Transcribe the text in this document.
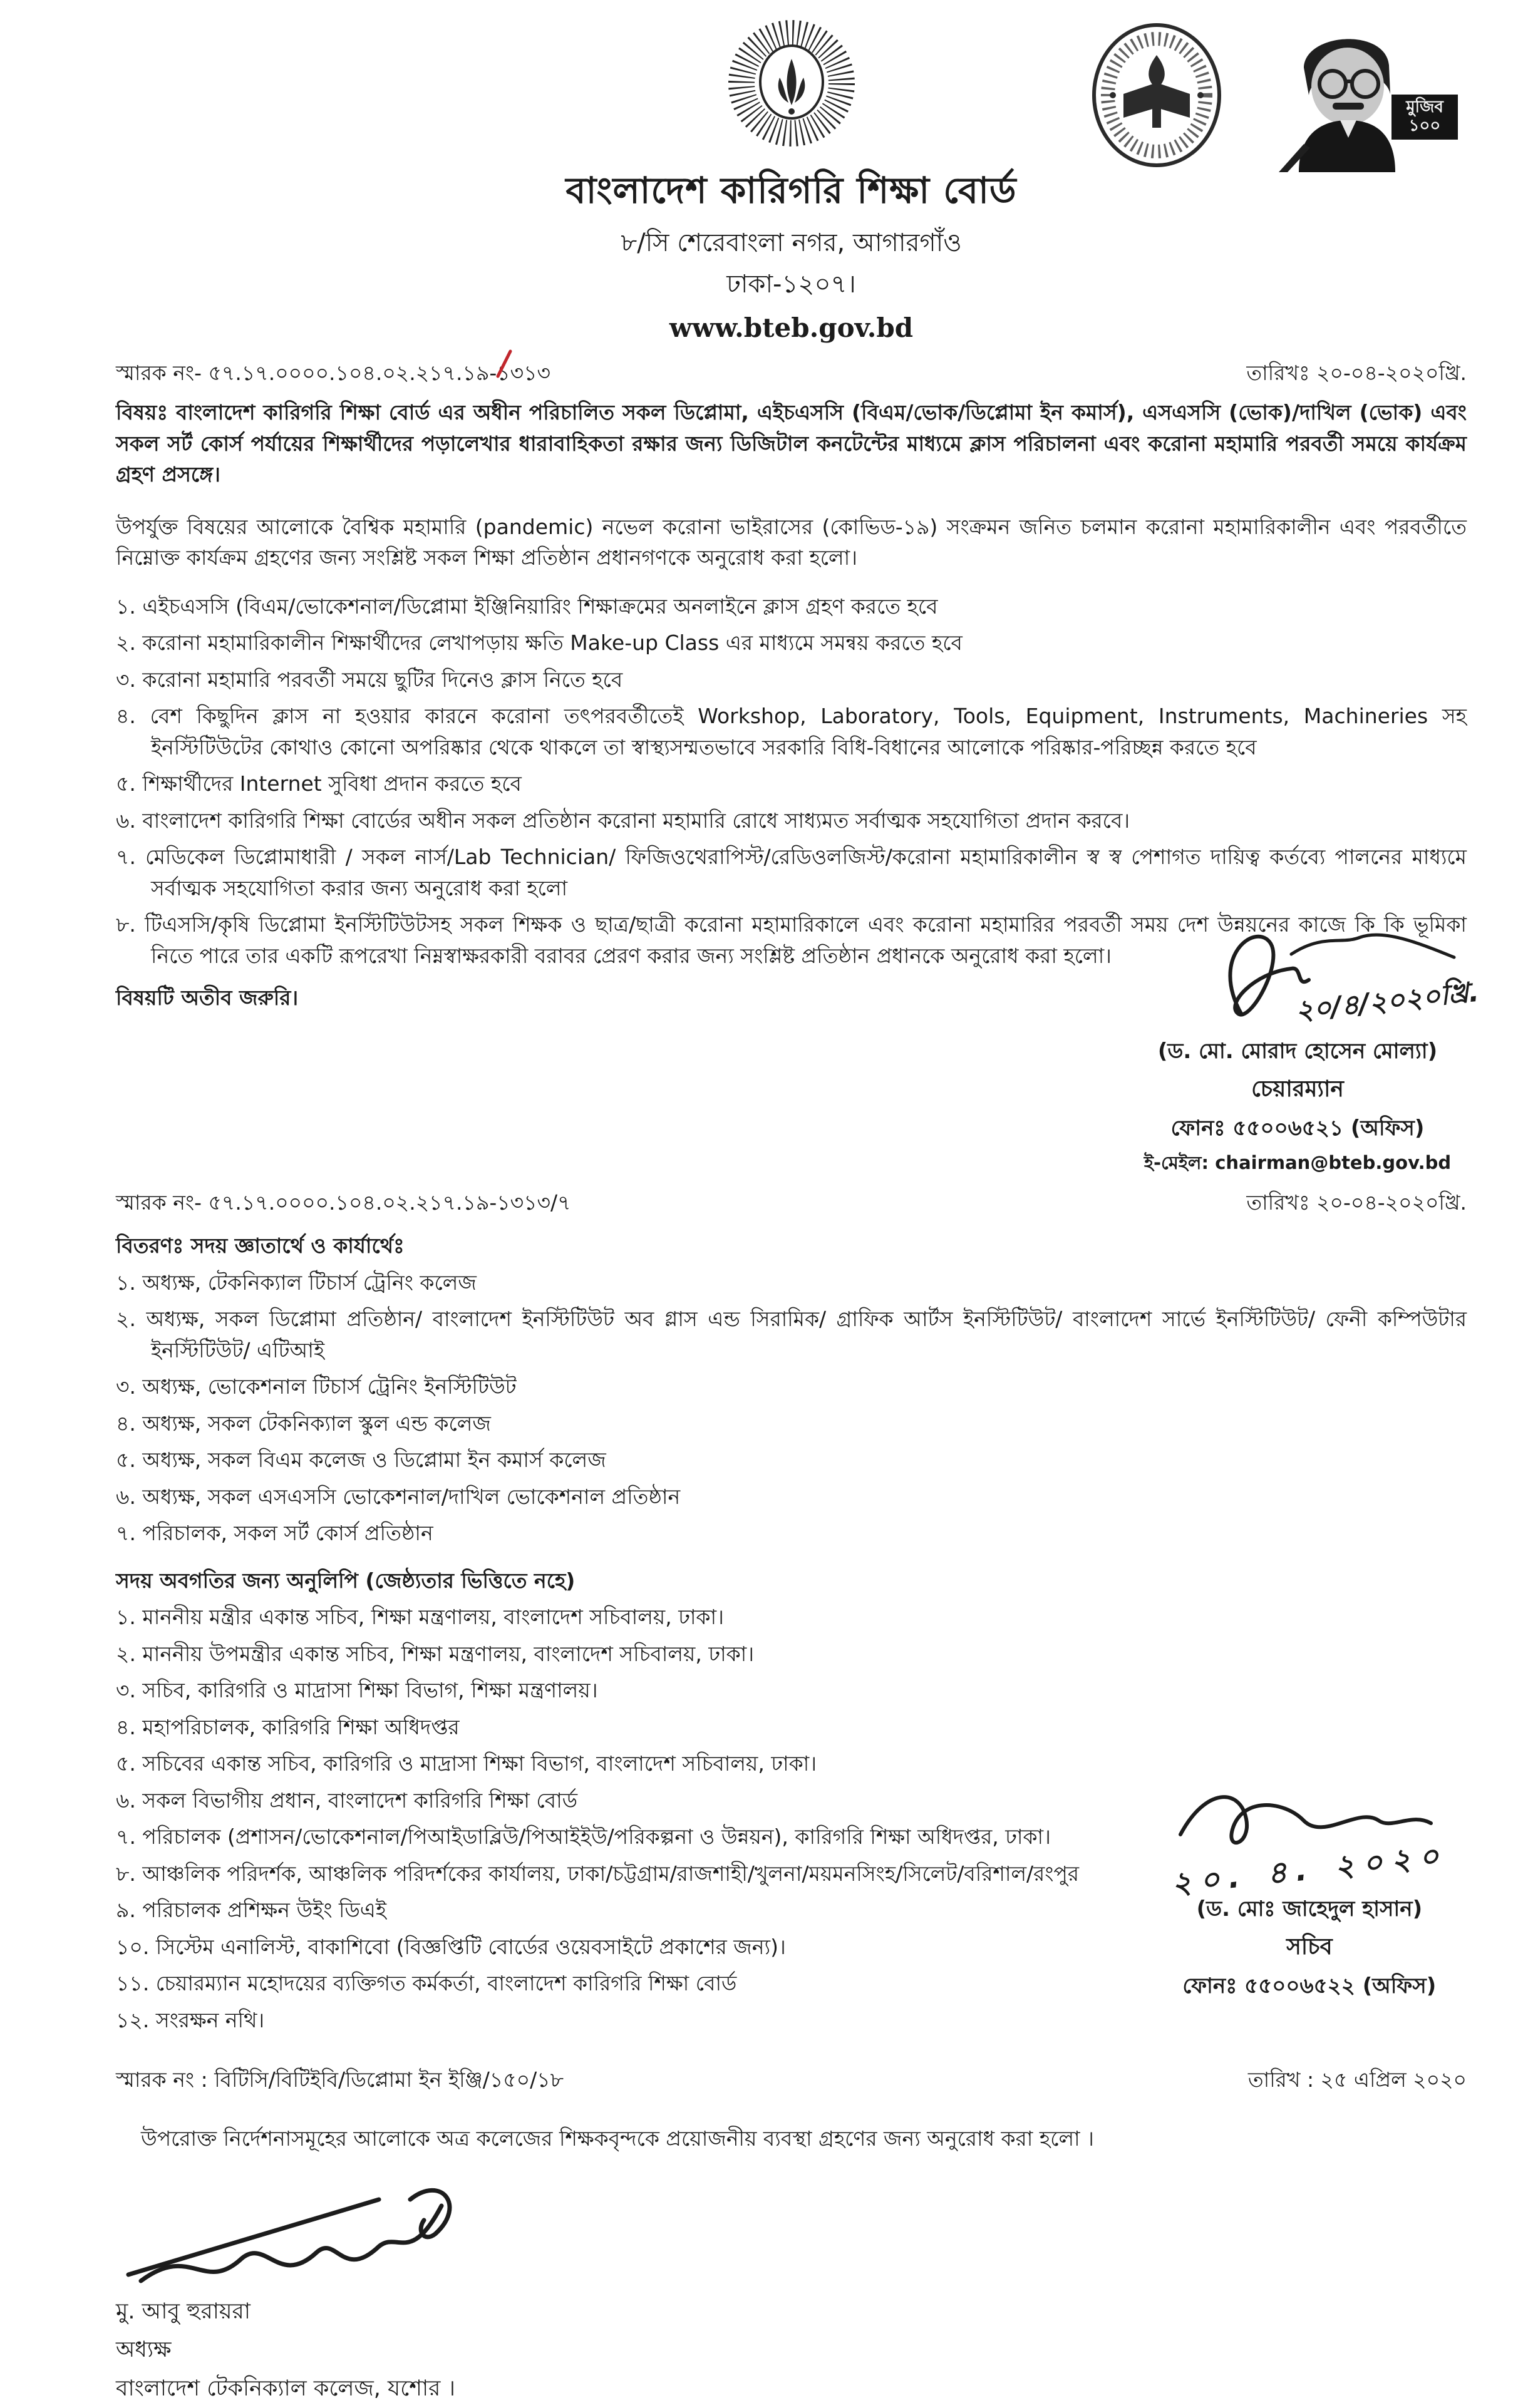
বাংলাদেশ কারিগরি শিক্ষা বোর্ড
৮/সি শেরেবাংলা নগর, আগারগাঁও
ঢাকা-১২০৭।
www.bteb.gov.bd
মুজিব ১০০
স্মারক নং- ৫৭.১৭.০০০০.১০৪.০২.২১৭.১৯-১৩১৩	তারিখঃ ২০-০৪-২০২০খ্রি.
বিষয়ঃ বাংলাদেশ কারিগরি শিক্ষা বোর্ড এর অধীন পরিচালিত সকল ডিপ্লোমা, এইচএসসি (বিএম/ভোক/ডিপ্লোমা ইন কমার্স), এসএসসি (ভোক)/দাখিল (ভোক) এবং সকল সর্ট কোর্স পর্যায়ের শিক্ষার্থীদের পড়ালেখার ধারাবাহিকতা রক্ষার জন্য ডিজিটাল কনটেন্টের মাধ্যমে ক্লাস পরিচালনা এবং করোনা মহামারি পরবর্তী সময়ে কার্যক্রম গ্রহণ প্রসঙ্গে।
উপর্যুক্ত বিষয়ের আলোকে বৈশ্বিক মহামারি (pandemic) নভেল করোনা ভাইরাসের (কোভিড-১৯) সংক্রমন জনিত চলমান করোনা মহামারিকালীন এবং পরবর্তীতে নিম্নোক্ত কার্যক্রম গ্রহণের জন্য সংশ্লিষ্ট সকল শিক্ষা প্রতিষ্ঠান প্রধানগণকে অনুরোধ করা হলো।
১. এইচএসসি (বিএম/ভোকেশনাল/ডিপ্লোমা ইঞ্জিনিয়ারিং শিক্ষাক্রমের অনলাইনে ক্লাস গ্রহণ করতে হবে
২. করোনা মহামারিকালীন শিক্ষার্থীদের লেখাপড়ায় ক্ষতি Make-up Class এর মাধ্যমে সমন্বয় করতে হবে
৩. করোনা মহামারি পরবর্তী সময়ে ছুটির দিনেও ক্লাস নিতে হবে
৪. বেশ কিছুদিন ক্লাস না হওয়ার কারনে করোনা তৎপরবর্তীতেই Workshop, Laboratory, Tools, Equipment, Instruments, Machineries সহ ইনস্টিটিউটের কোথাও কোনো অপরিষ্কার থেকে থাকলে তা স্বাস্থ্যসম্মতভাবে সরকারি বিধি-বিধানের আলোকে পরিষ্কার-পরিচ্ছন্ন করতে হবে
৫. শিক্ষার্থীদের Internet সুবিধা প্রদান করতে হবে
৬. বাংলাদেশ কারিগরি শিক্ষা বোর্ডের অধীন সকল প্রতিষ্ঠান করোনা মহামারি রোধে সাধ্যমত সর্বাত্মক সহযোগিতা প্রদান করবে।
৭. মেডিকেল ডিপ্লোমাধারী / সকল নার্স/Lab Technician/ ফিজিওথেরাপিস্ট/রেডিওলজিস্ট/করোনা মহামারিকালীন স্ব স্ব পেশাগত দায়িত্ব কর্তব্যে পালনের মাধ্যমে সর্বাত্মক সহযোগিতা করার জন্য অনুরোধ করা হলো
৮. টিএসসি/কৃষি ডিপ্লোমা ইনস্টিটিউটসহ সকল শিক্ষক ও ছাত্র/ছাত্রী করোনা মহামারিকালে এবং করোনা মহামারির পরবর্তী সময় দেশ উন্নয়নের কাজে কি কি ভূমিকা নিতে পারে তার একটি রূপরেখা নিম্নস্বাক্ষরকারী বরাবর প্রেরণ করার জন্য সংশ্লিষ্ট প্রতিষ্ঠান প্রধানকে অনুরোধ করা হলো।
বিষয়টি অতীব জরুরি।	২০/৪/২০২০খ্রি.
(ড. মো. মোরাদ হোসেন মোল্যা)
চেয়ারম্যান
ফোনঃ ৫৫০০৬৫২১ (অফিস)
ই-মেইল: chairman@bteb.gov.bd
স্মারক নং- ৫৭.১৭.০০০০.১০৪.০২.২১৭.১৯-১৩১৩/৭	তারিখঃ ২০-০৪-২০২০খ্রি.
বিতরণঃ সদয় জ্ঞাতার্থে ও কার্যার্থেঃ
১. অধ্যক্ষ, টেকনিক্যাল টিচার্স ট্রেনিং কলেজ
২. অধ্যক্ষ, সকল ডিপ্লোমা প্রতিষ্ঠান/ বাংলাদেশ ইনস্টিটিউট অব গ্লাস এন্ড সিরামিক/ গ্রাফিক আর্টস ইনস্টিটিউট/ বাংলাদেশ সার্ভে ইনস্টিটিউট/ ফেনী কম্পিউটার ইনস্টিটিউট/ এটিআই
৩. অধ্যক্ষ, ভোকেশনাল টিচার্স ট্রেনিং ইনস্টিটিউট
৪. অধ্যক্ষ, সকল টেকনিক্যাল স্কুল এন্ড কলেজ
৫. অধ্যক্ষ, সকল বিএম কলেজ ও ডিপ্লোমা ইন কমার্স কলেজ
৬. অধ্যক্ষ, সকল এসএসসি ভোকেশনাল/দাখিল ভোকেশনাল প্রতিষ্ঠান
৭. পরিচালক, সকল সর্ট কোর্স প্রতিষ্ঠান
সদয় অবগতির জন্য অনুলিপি (জেষ্ঠ্যতার ভিত্তিতে নহে)
১. মাননীয় মন্ত্রীর একান্ত সচিব, শিক্ষা মন্ত্রণালয়, বাংলাদেশ সচিবালয়, ঢাকা।
২. মাননীয় উপমন্ত্রীর একান্ত সচিব, শিক্ষা মন্ত্রণালয়, বাংলাদেশ সচিবালয়, ঢাকা।
৩. সচিব, কারিগরি ও মাদ্রাসা শিক্ষা বিভাগ, শিক্ষা মন্ত্রণালয়।
৪. মহাপরিচালক, কারিগরি শিক্ষা অধিদপ্তর
৫. সচিবের একান্ত সচিব, কারিগরি ও মাদ্রাসা শিক্ষা বিভাগ, বাংলাদেশ সচিবালয়, ঢাকা।
৬. সকল বিভাগীয় প্রধান, বাংলাদেশ কারিগরি শিক্ষা বোর্ড
৭. পরিচালক (প্রশাসন/ভোকেশনাল/পিআইডাব্লিউ/পিআইইউ/পরিকল্পনা ও উন্নয়ন), কারিগরি শিক্ষা অধিদপ্তর, ঢাকা।
৮. আঞ্চলিক পরিদর্শক, আঞ্চলিক পরিদর্শকের কার্যালয়, ঢাকা/চট্টগ্রাম/রাজশাহী/খুলনা/ময়মনসিংহ/সিলেট/বরিশাল/রংপুর
৯. পরিচালক প্রশিক্ষন উইং ডিএই
১০. সিস্টেম এনালিস্ট, বাকাশিবো (বিজ্ঞপ্তিটি বোর্ডের ওয়েবসাইটে প্রকাশের জন্য)।
১১. চেয়ারম্যান মহোদয়ের ব্যক্তিগত কর্মকর্তা, বাংলাদেশ কারিগরি শিক্ষা বোর্ড
১২. সংরক্ষন নথি।
২০. ৪. ২০২০
(ড. মোঃ জাহেদুল হাসান)
সচিব
ফোনঃ ৫৫০০৬৫২২ (অফিস)
স্মারক নং : বিটিসি/বিটিইবি/ডিপ্লোমা ইন ইঞ্জি/১৫০/১৮	তারিখ : ২৫ এপ্রিল ২০২০
উপরোক্ত নির্দেশনাসমূহের আলোকে অত্র কলেজের শিক্ষকবৃন্দকে প্রয়োজনীয় ব্যবস্থা গ্রহণের জন্য অনুরোধ করা হলো ।
মু. আবু হুরায়রা
অধ্যক্ষ
বাংলাদেশ টেকনিক্যাল কলেজ, যশোর ।
